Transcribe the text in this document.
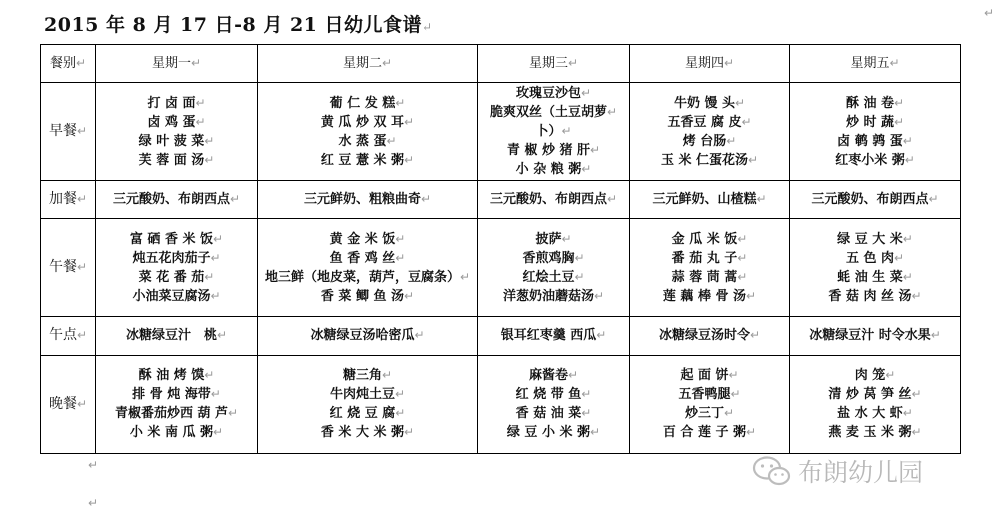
↵
2015 年 8 月 17 日-8 月 21 日幼儿食谱↵
餐别↵	星期一↵	星期二↵	星期三↵	星期四↵	星期五↵
早餐↵	打 卤 面↵
卤 鸡 蛋↵
绿 叶 菠 菜↵
芙 蓉 面 汤↵	葡 仁 发 糕↵
黄 瓜 炒 双 耳↵
水 蒸 蛋↵
红 豆 薏 米 粥↵	玫瑰豆沙包↵
脆爽双丝（土豆胡萝↵
卜）↵
青 椒 炒 猪 肝↵
小 杂 粮 粥↵	牛奶 馒 头↵
五香豆 腐 皮↵
烤 台肠↵
玉 米 仁蛋花汤↵	酥 油 卷↵
炒 时 蔬↵
卤 鹌 鹑 蛋↵
红枣小米 粥↵

加餐↵	三元酸奶、布朗西点↵	三元鲜奶、粗粮曲奇↵	三元酸奶、布朗西点↵	三元鲜奶、山楂糕↵	三元酸奶、布朗西点↵

午餐↵	富 硒 香 米 饭↵
炖五花肉茄子↵
菜 花 番 茄↵
小油菜豆腐汤↵	黄 金 米 饭↵
鱼 香 鸡 丝↵
地三鲜（地皮菜，葫芦，豆腐条）↵
香 菜 鲫 鱼 汤↵	披萨↵
香煎鸡胸↵
红烩土豆↵
洋葱奶油蘑菇汤↵	金 瓜 米 饭↵
番 茄 丸 子↵
蒜 蓉 茼 蒿↵
莲 藕 棒 骨 汤↵	绿 豆 大 米↵
五 色 肉↵
蚝 油 生 菜↵
香 菇 肉 丝 汤↵

午点↵	冰糖绿豆汁　桃↵	冰糖绿豆汤哈密瓜↵	银耳红枣羹 西瓜↵	冰糖绿豆汤时令↵	冰糖绿豆汁 时令水果↵

晚餐↵	酥 油 烤 馍↵
排 骨 炖 海带↵
青椒番茄炒西 葫 芦↵
小 米 南 瓜 粥↵	糖三角↵
牛肉炖土豆↵
红 烧 豆 腐↵
香 米 大 米 粥↵	麻酱卷↵
红 烧 带 鱼↵
香 菇 油 菜↵
绿 豆 小 米 粥↵	起 面 饼↵
五香鸭腿↵
炒三丁↵
百 合 莲 子 粥↵	肉 笼↵
清 炒 莴 笋 丝↵
盐 水 大 虾↵
燕 麦 玉 米 粥↵
↵
↵
布朗幼儿园
